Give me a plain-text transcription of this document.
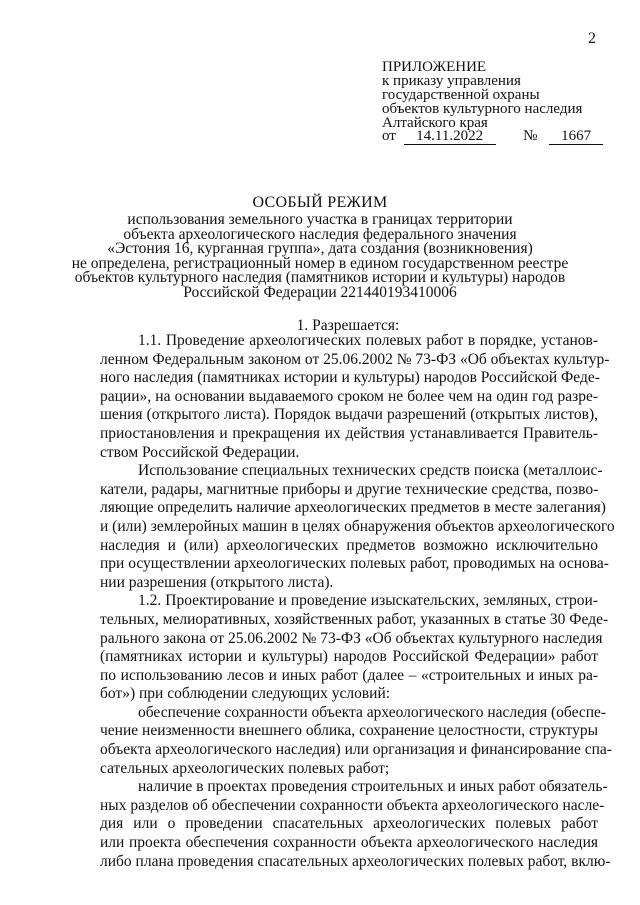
2
ПРИЛОЖЕНИЕ
к приказу управления
государственной охраны
объектов культурного наследия
Алтайского края
от 14.11.2022	№ 1667
ОСОБЫЙ РЕЖИМ
использования земельного участка в границах территории
объекта археологического наследия федерального значения
«Эстония 16, курганная группа», дата создания (возникновения)
не определена, регистрационный номер в едином государственном реестре
объектов культурного наследия (памятников истории и культуры) народов
Российской Федерации 221440193410006
1. Разрешается:
1.1. Проведение археологических полевых работ в порядке, установ-
ленном Федеральным законом от 25.06.2002 № 73-ФЗ «Об объектах культур-
ного наследия (памятниках истории и культуры) народов Российской Феде-
рации», на основании выдаваемого сроком не более чем на один год разре-
шения (открытого листа). Порядок выдачи разрешений (открытых листов),
приостановления и прекращения их действия устанавливается Правитель-
ством Российской Федерации.
Использование специальных технических средств поиска (металлоис-
катели, радары, магнитные приборы и другие технические средства, позво-
ляющие определить наличие археологических предметов в месте залегания)
и (или) землеройных машин в целях обнаружения объектов археологического
наследия и (или) археологических предметов возможно исключительно
при осуществлении археологических полевых работ, проводимых на основа-
нии разрешения (открытого листа).
1.2. Проектирование и проведение изыскательских, земляных, строи-
тельных, мелиоративных, хозяйственных работ, указанных в статье 30 Феде-
рального закона от 25.06.2002 № 73-ФЗ «Об объектах культурного наследия
(памятниках истории и культуры) народов Российской Федерации» работ
по использованию лесов и иных работ (далее – «строительных и иных ра-
бот») при соблюдении следующих условий:
обеспечение сохранности объекта археологического наследия (обеспе-
чение неизменности внешнего облика, сохранение целостности, структуры
объекта археологического наследия) или организация и финансирование спа-
сательных археологических полевых работ;
наличие в проектах проведения строительных и иных работ обязатель-
ных разделов об обеспечении сохранности объекта археологического насле-
дия или о проведении спасательных археологических полевых работ
или проекта обеспечения сохранности объекта археологического наследия
либо плана проведения спасательных археологических полевых работ, вклю-
